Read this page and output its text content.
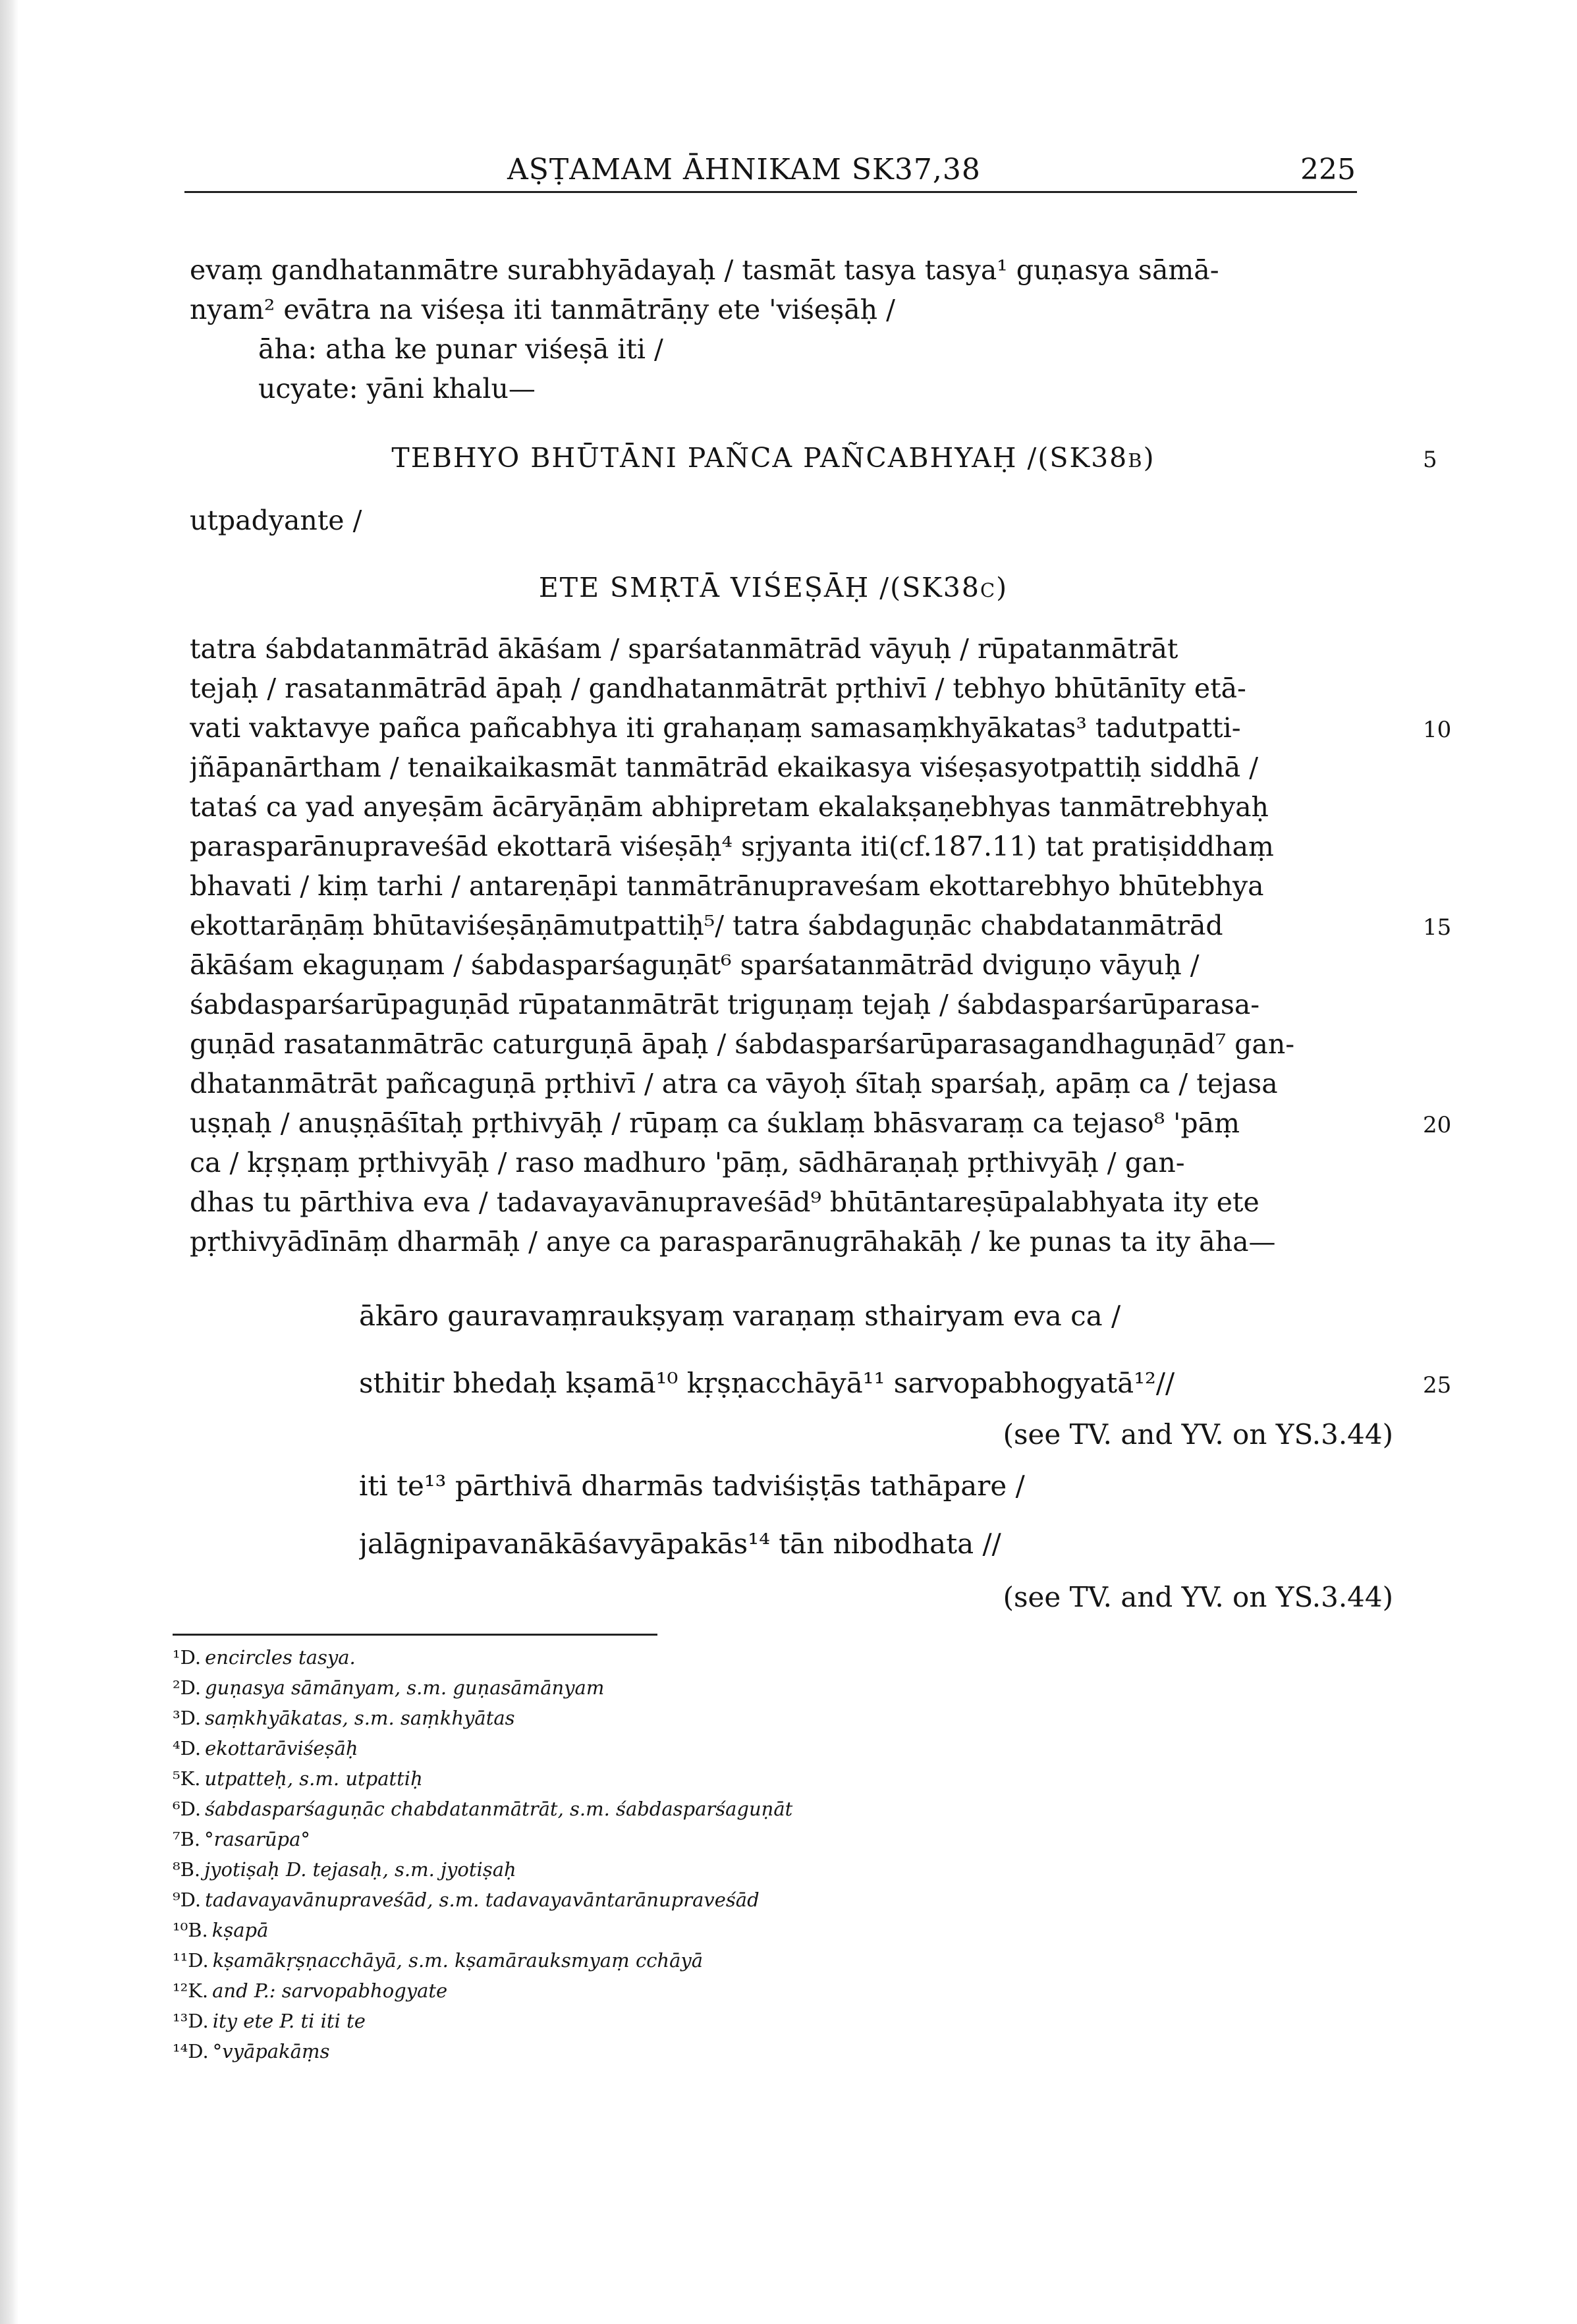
AṢṬAMAM ĀHNIKAM SK37,38	225
evaṃ gandhatanmātre surabhyādayaḥ / tasmāt tasya tasya¹ guṇasya sāmā-
nyam² evātra na viśeṣa iti tanmātrāṇy ete 'viśeṣāḥ /
āha: atha ke punar viśeṣā iti /
ucyate: yāni khalu—
TEBHYO BHŪTĀNI PAÑCA PAÑCABHYAḤ /(SK38b)	5
utpadyante /
ETE SMṚTĀ VIŚEṢĀḤ /(SK38c)
tatra śabdatanmātrād ākāśam / sparśatanmātrād vāyuḥ / rūpatanmātrāt
tejaḥ / rasatanmātrād āpaḥ / gandhatanmātrāt pṛthivī / tebhyo bhūtānīty etā-
vati vaktavye pañca pañcabhya iti grahaṇaṃ samasaṃkhyākatas³ tadutpatti-	10
jñāpanārtham / tenaikaikasmāt tanmātrād ekaikasya viśeṣasyotpattiḥ siddhā /
tataś ca yad anyeṣām ācāryāṇām abhipretam ekalakṣaṇebhyas tanmātrebhyaḥ
parasparānupraveśād ekottarā viśeṣāḥ⁴ sṛjyanta iti(cf.187.11) tat pratiṣiddhaṃ
bhavati / kiṃ tarhi / antareṇāpi tanmātrānupraveśam ekottarebhyo bhūtebhya
ekottarāṇāṃ bhūtaviśeṣāṇāmutpattiḥ⁵/ tatra śabdaguṇāc chabdatanmātrād	15
ākāśam ekaguṇam / śabdasparśaguṇāt⁶ sparśatanmātrād dviguṇo vāyuḥ /
śabdasparśarūpaguṇād rūpatanmātrāt triguṇaṃ tejaḥ / śabdasparśarūparasa-
guṇād rasatanmātrāc caturguṇā āpaḥ / śabdasparśarūparasagandhaguṇād⁷ gan-
dhatanmātrāt pañcaguṇā pṛthivī / atra ca vāyoḥ śītaḥ sparśaḥ, apāṃ ca / tejasa
uṣṇaḥ / anuṣṇāśītaḥ pṛthivyāḥ / rūpaṃ ca śuklaṃ bhāsvaraṃ ca tejaso⁸ 'pāṃ	20
ca / kṛṣṇaṃ pṛthivyāḥ / raso madhuro 'pāṃ, sādhāraṇaḥ pṛthivyāḥ / gan-
dhas tu pārthiva eva / tadavayavānupraveśād⁹ bhūtāntareṣūpalabhyata ity ete
pṛthivyādīnāṃ dharmāḥ / anye ca parasparānugrāhakāḥ / ke punas ta ity āha—
ākāro gauravaṃraukṣyaṃ varaṇaṃ sthairyam eva ca /
sthitir bhedaḥ kṣamā¹⁰ kṛṣṇacchāyā¹¹ sarvopabhogyatā¹²//	25
(see TV. and YV. on YS.3.44)
iti te¹³ pārthivā dharmās tadviśiṣṭās tathāpare /
jalāgnipavanākāśavyāpakās¹⁴ tān nibodhata //
(see TV. and YV. on YS.3.44)
¹D. encircles tasya.
²D. guṇasya sāmānyam, s.m. guṇasāmānyam
³D. saṃkhyākatas, s.m. saṃkhyātas
⁴D. ekottarāviśeṣāḥ
⁵K. utpatteḥ, s.m. utpattiḥ
⁶D. śabdasparśaguṇāc chabdatanmātrāt, s.m. śabdasparśaguṇāt
⁷B. °rasarūpa°
⁸B. jyotiṣaḥ D. tejasaḥ, s.m. jyotiṣaḥ
⁹D. tadavayavānupraveśād, s.m. tadavayavāntarānupraveśād
¹⁰B. kṣapā
¹¹D. kṣamākṛṣṇacchāyā, s.m. kṣamārauksmyaṃ cchāyā
¹²K. and P.: sarvopabhogyate
¹³D. ity ete P. ti iti te
¹⁴D. °vyāpakāṃs
